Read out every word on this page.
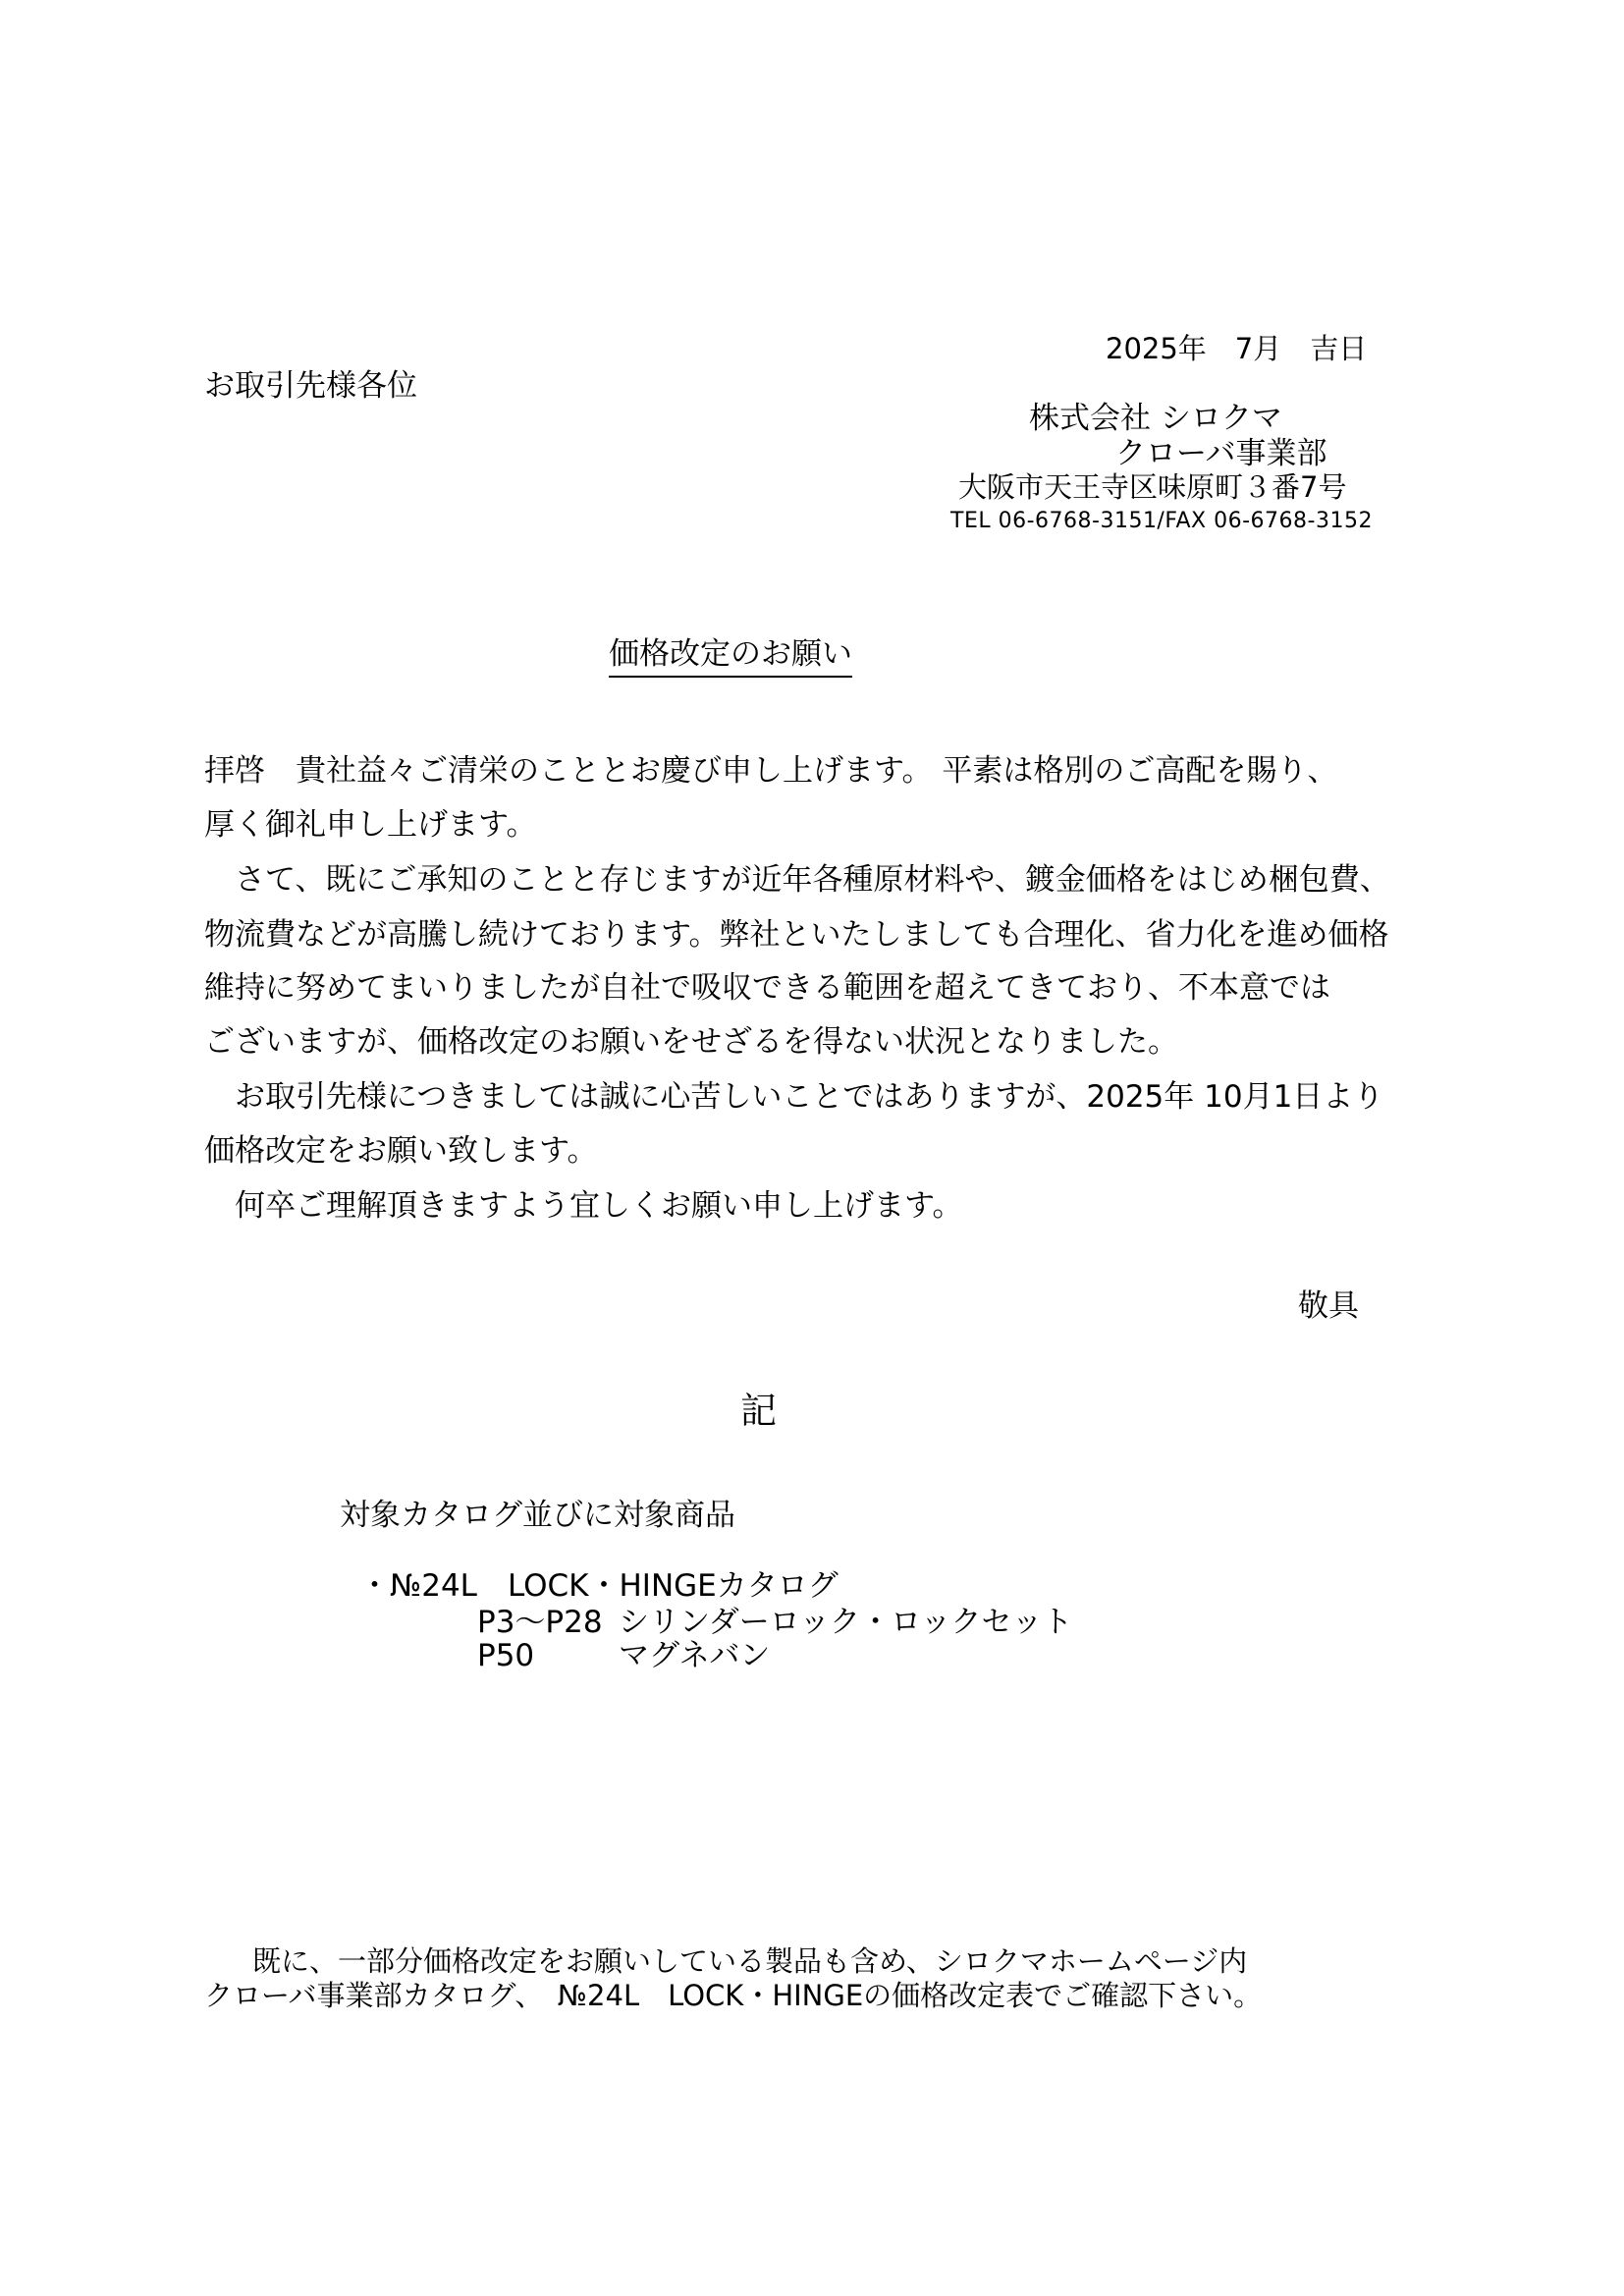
2025年　7月　吉日
お取引先様各位
株式会社 シロクマ
クローバ事業部
大阪市天王寺区味原町３番7号
TEL 06-6768-3151/FAX 06-6768-3152
価格改定のお願い
拝啓　貴社益々ご清栄のこととお慶び申し上げます。 平素は格別のご高配を賜り、
厚く御礼申し上げます。
　さて、既にご承知のことと存じますが近年各種原材料や、鍍金価格をはじめ梱包費、
物流費などが高騰し続けております。弊社といたしましても合理化、省力化を進め価格
維持に努めてまいりましたが自社で吸収できる範囲を超えてきており、不本意では
ございますが、価格改定のお願いをせざるを得ない状況となりました。
　お取引先様につきましては誠に心苦しいことではありますが、2025年 10月1日より
価格改定をお願い致します。
　何卒ご理解頂きますよう宜しくお願い申し上げます。
敬具
記
対象カタログ並びに対象商品
・№24L　LOCK・HINGEカタログ
P3～P28 シリンダーロック・ロックセット
P50	マグネバン
　既に、一部分価格改定をお願いしている製品も含め、シロクマホームページ内
クローバ事業部カタログ、　№24L　LOCK・HINGEの価格改定表でご確認下さい。
